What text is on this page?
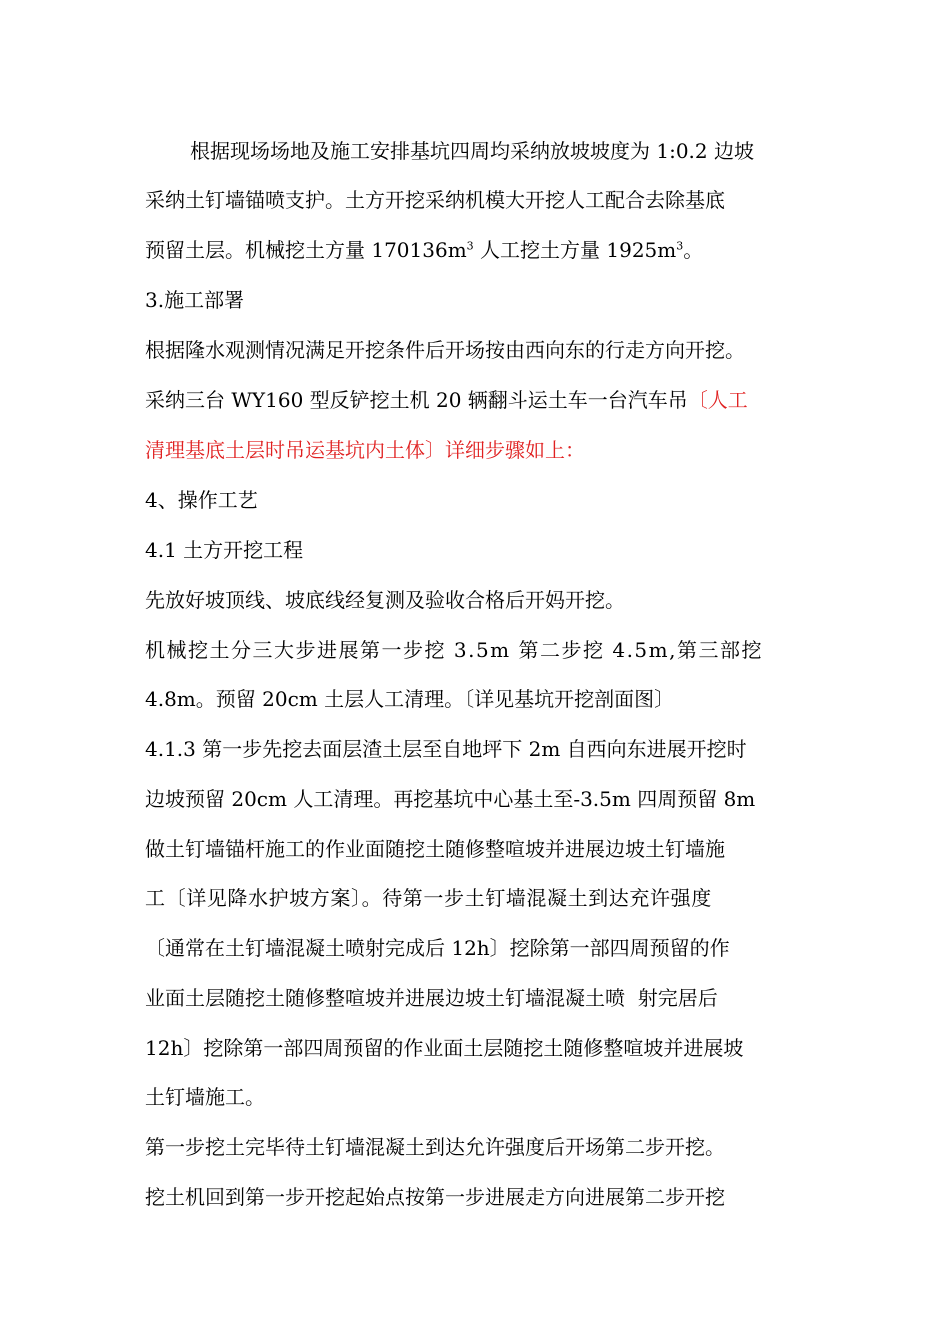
根据现场场地及施工安排基坑四周均采纳放坡坡度为 1:0.2 边坡
采纳土钉墙锚喷支护。土方开挖采纳机模大开挖人工配合去除基底
预留土层。机械挖土方量 $170136m^3$ 人工挖土方量 $1925m^3$。
3.施工部署
根据隆水观测情况满足开挖条件后开场按由西向东的行走方向开挖。
采纳三台 WY160 型反铲挖土机 20 辆翻斗运土车一台汽车吊〔人工
清理基底土层时吊运基坑内土体〕详细步骤如上：
4、操作工艺
4.1 土方开挖工程
先放好坡顶线、坡底线经复测及验收合格后开妈开挖。
机械挖土分三大步进展第一步挖 3.5m 第二步挖 4.5m,第三部挖
4.8m。预留 20cm 土层人工清理。〔详见基坑开挖剖面图〕
4.1.3 第一步先挖去面层渣土层至自地坪下 2m 自西向东进展开挖时
边坡预留 20cm 人工清理。再挖基坑中心基土至-3.5m 四周预留 8m
做土钉墙锚杆施工的作业面随挖土随修整喧坡并进展边坡土钉墙施
工〔详见降水护坡方案〕。待第一步土钉墙混凝土到达充许强度
〔通常在土钉墙混凝土喷射完成后 12h〕挖除第一部四周预留的作
业面土层随挖土随修整喧坡并进展边坡土钉墙混凝土喷  射完居后
12h〕挖除第一部四周预留的作业面土层随挖土随修整喧坡并进展坡
土钉墙施工。
第一步挖土完毕待土钉墙混凝土到达允许强度后开场第二步开挖。
挖土机回到第一步开挖起始点按第一步进展走方向进展第二步开挖
